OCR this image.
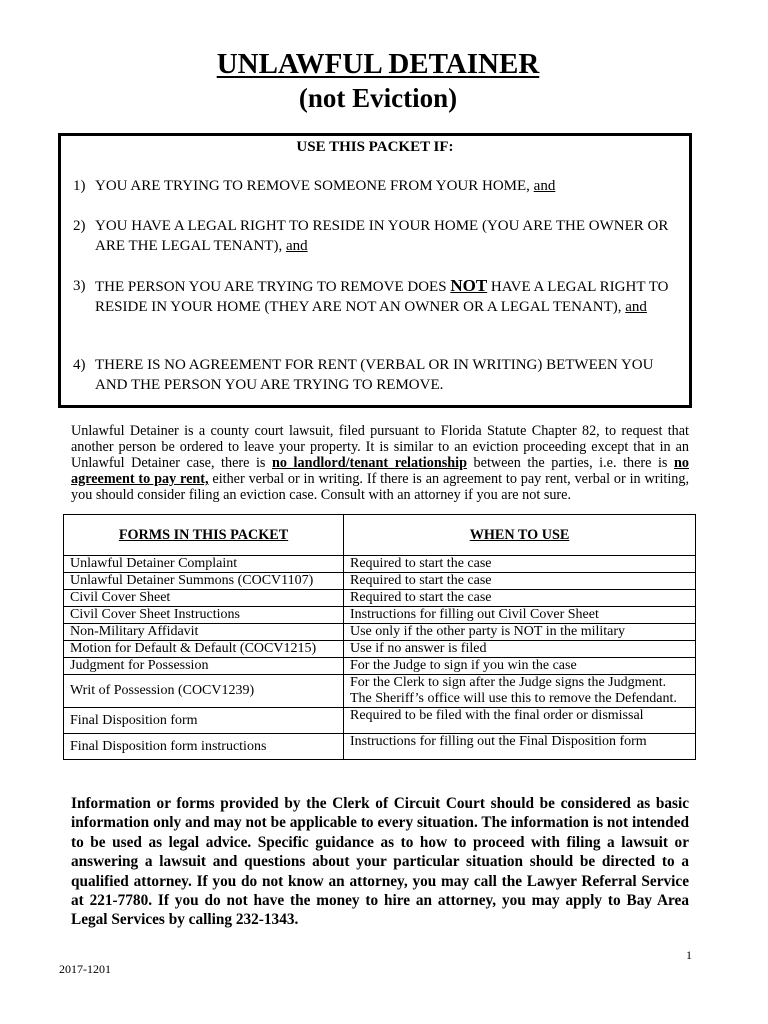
UNLAWFUL DETAINER
(not Eviction)
USE THIS PACKET IF:
1) YOU ARE TRYING TO REMOVE SOMEONE FROM YOUR HOME, and
2) YOU HAVE A LEGAL RIGHT TO RESIDE IN YOUR HOME (YOU ARE THE OWNER OR ARE THE LEGAL TENANT), and
3) THE PERSON YOU ARE TRYING TO REMOVE DOES NOT HAVE A LEGAL RIGHT TO RESIDE IN YOUR HOME (THEY ARE NOT AN OWNER OR A LEGAL TENANT), and
4) THERE IS NO AGREEMENT FOR RENT (VERBAL OR IN WRITING) BETWEEN YOU AND THE PERSON YOU ARE TRYING TO REMOVE.
Unlawful Detainer is a county court lawsuit, filed pursuant to Florida Statute Chapter 82, to request that another person be ordered to leave your property. It is similar to an eviction proceeding except that in an Unlawful Detainer case, there is no landlord/tenant relationship between the parties, i.e. there is no agreement to pay rent, either verbal or in writing. If there is an agreement to pay rent, verbal or in writing, you should consider filing an eviction case. Consult with an attorney if you are not sure.
FORMS IN THIS PACKET	WHEN TO USE
Unlawful Detainer Complaint	Required to start the case
Unlawful Detainer Summons (COCV1107)	Required to start the case
Civil Cover Sheet	Required to start the case
Civil Cover Sheet Instructions	Instructions for filling out Civil Cover Sheet
Non-Military Affidavit	Use only if the other party is NOT in the military
Motion for Default & Default (COCV1215)	Use if no answer is filed
Judgment for Possession	For the Judge to sign if you win the case
Writ of Possession (COCV1239)	For the Clerk to sign after the Judge signs the Judgment. The Sheriff’s office will use this to remove the Defendant.
Final Disposition form	Required to be filed with the final order or dismissal
Final Disposition form instructions	Instructions for filling out the Final Disposition form
Information or forms provided by the Clerk of Circuit Court should be considered as basic information only and may not be applicable to every situation. The information is not intended to be used as legal advice. Specific guidance as to how to proceed with filing a lawsuit or answering a lawsuit and questions about your particular situation should be directed to a qualified attorney. If you do not know an attorney, you may call the Lawyer Referral Service at 221-7780. If you do not have the money to hire an attorney, you may apply to Bay Area Legal Services by calling 232-1343.
1
2017-1201
